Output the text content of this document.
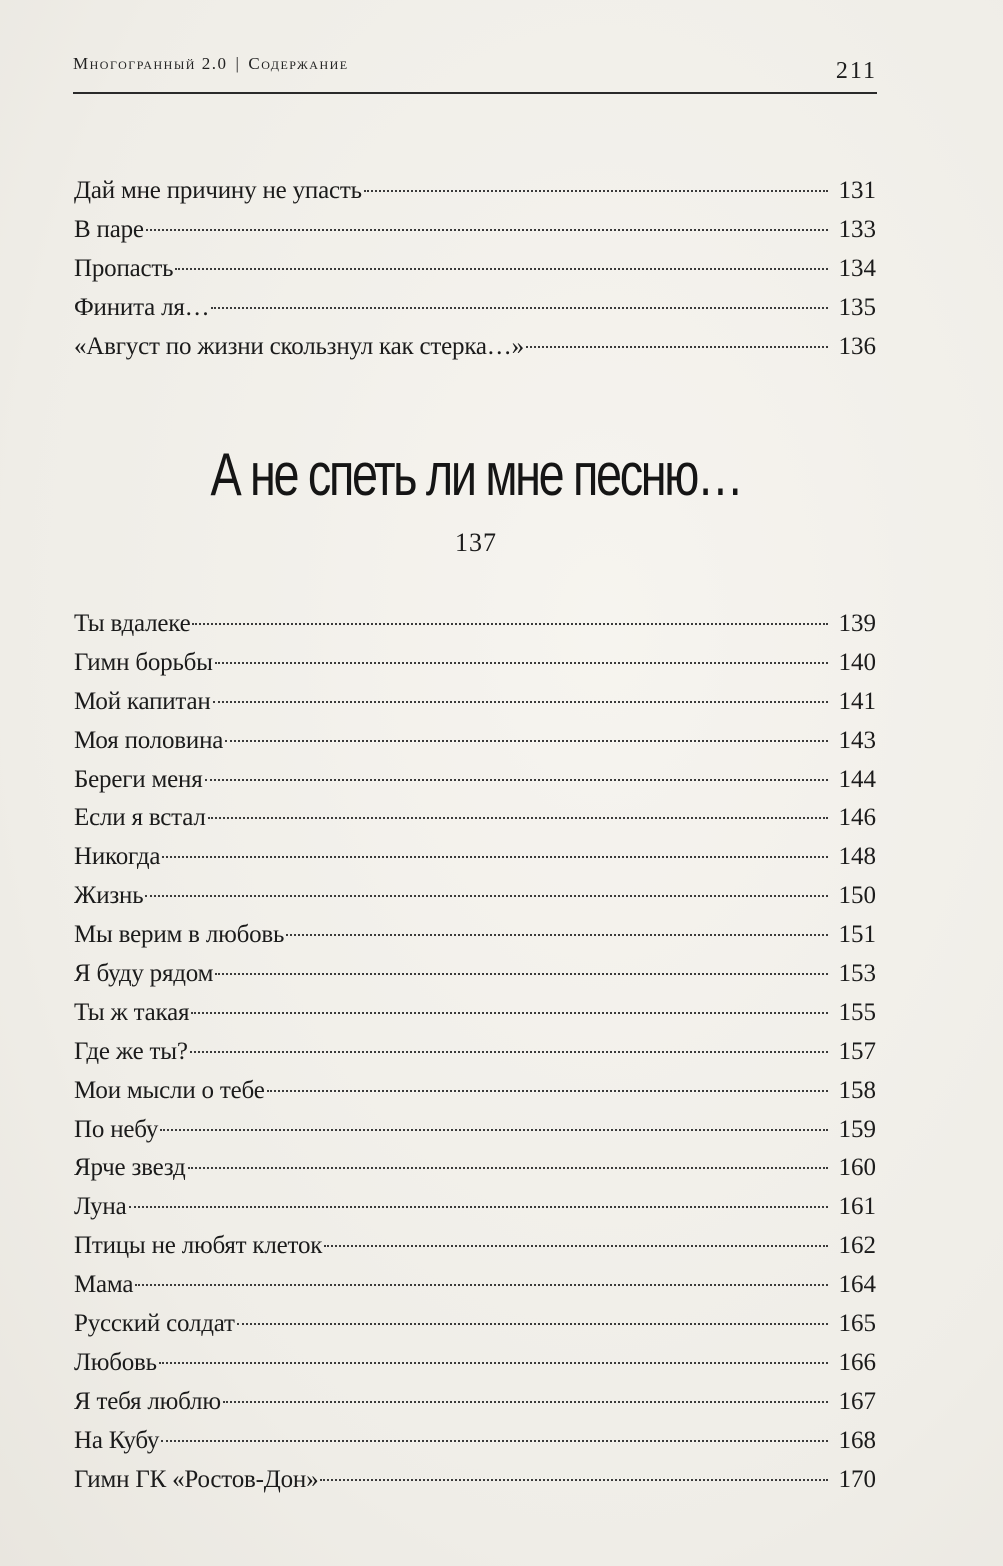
Многогранный 2.0 | Содержание	211
Дай мне причину не упасть	131
В паре	133
Пропасть	134
Финита ля…	135
«Август по жизни скользнул как стерка…»	136
А не спеть ли мне песню…
137
Ты вдалеке	139
Гимн борьбы	140
Мой капитан	141
Моя половина	143
Береги меня	144
Если я встал	146
Никогда	148
Жизнь	150
Мы верим в любовь	151
Я буду рядом	153
Ты ж такая	155
Где же ты?	157
Мои мысли о тебе	158
По небу	159
Ярче звезд	160
Луна	161
Птицы не любят клеток	162
Мама	164
Русский солдат	165
Любовь	166
Я тебя люблю	167
На Кубу	168
Гимн ГК «Ростов-Дон»	170
